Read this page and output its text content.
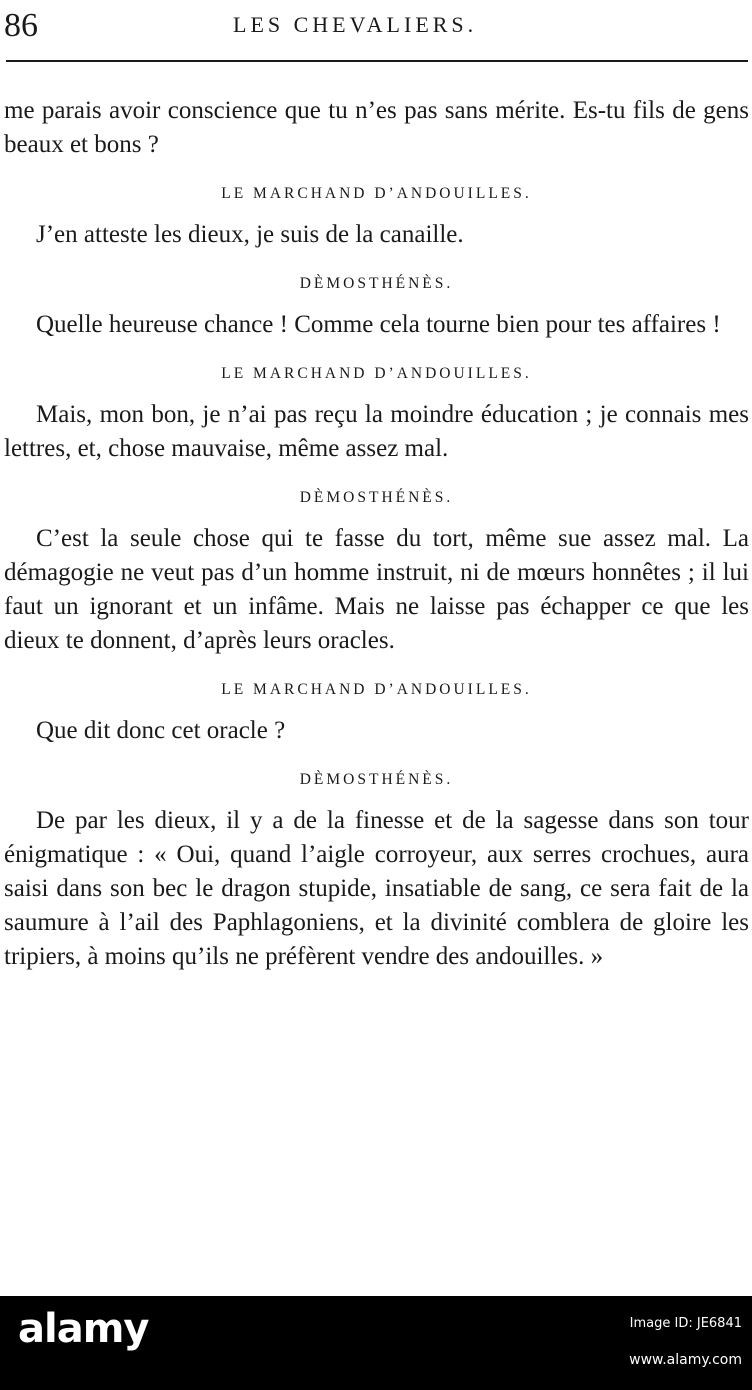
86	LES CHEVALIERS.

me parais avoir conscience que tu n’es pas sans mérite. Es-tu fils de gens beaux et bons ?

LE MARCHAND D’ANDOUILLES.

J’en atteste les dieux, je suis de la canaille.

DÈMOSTHÉNÈS.

Quelle heureuse chance ! Comme cela tourne bien pour tes affaires !

LE MARCHAND D’ANDOUILLES.

Mais, mon bon, je n’ai pas reçu la moindre éducation ; je connais mes lettres, et, chose mauvaise, même assez mal.

DÈMOSTHÉNÈS.

C’est la seule chose qui te fasse du tort, même sue assez mal. La démagogie ne veut pas d’un homme instruit, ni de mœurs honnêtes ; il lui faut un ignorant et un infâme. Mais ne laisse pas échapper ce que les dieux te donnent, d’après leurs oracles.

LE MARCHAND D’ANDOUILLES.

Que dit donc cet oracle ?

DÈMOSTHÉNÈS.

De par les dieux, il y a de la finesse et de la sagesse dans son tour énigmatique : « Oui, quand l’aigle corroyeur, aux serres crochues, aura saisi dans son bec le dragon stupide, insatiable de sang, ce sera fait de la saumure à l’ail des Paphlagoniens, et la divinité comblera de gloire les tripiers, à moins qu’ils ne préfèrent vendre des andouilles. »

alamy	Image ID: JE6841
www.alamy.com
